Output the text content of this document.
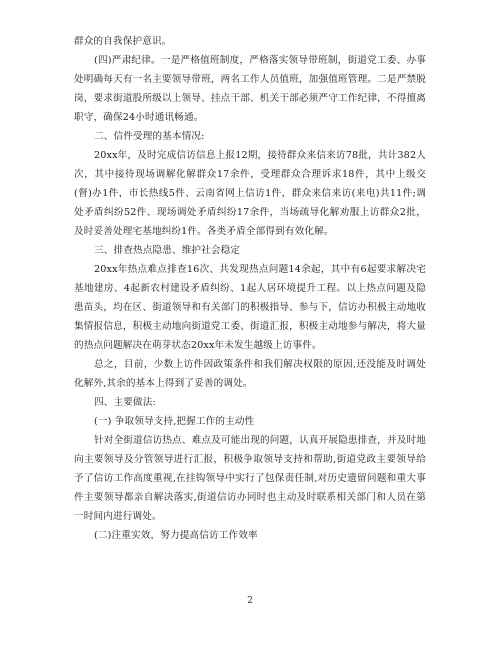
群众的自我保护意识。

(四)严肃纪律。一是严格值班制度，严格落实领导带班制，街道党工委、办事处明确每天有一名主要领导带班，两名工作人员值班，加强值班管理。二是严禁脱岗，要求街道股所级以上领导、挂点干部、机关干部必须严守工作纪律，不得擅离职守，确保24小时通讯畅通。

二、信件受理的基本情况:

20xx年，及时完成信访信息上报12期，接待群众来信来访78批，共计382人次，其中接待现场调解化解群众17余件，受理群众合理诉求18件，其中上级交(督)办1件，市长热线5件、云南省网上信访1件，群众来信来访(来电)共11件;调处矛盾纠纷52件、现场调处矛盾纠纷17余件，当场疏导化解劝服上访群众2批，及时妥善处理宅基地纠纷1件。各类矛盾全部得到有效化解。

三、排查热点隐患、维护社会稳定

20xx年热点难点排查16次、共发现热点问题14余起，其中有6起要求解决宅基地建房、4起新农村建设矛盾纠纷、1起人居环境提升工程。以上热点问题及隐患苗头，均在区、街道领导和有关部门的积极指导、参与下，信访办积极主动地收集情报信息，积极主动地向街道党工委、街道汇报，积极主动地参与解决，将大量的热点问题解决在萌芽状态20xx年未发生越级上访事件。

总之，目前，少数上访件因政策条件和我们解决权限的原因,还没能及时调处化解外,其余的基本上得到了妥善的调处。

四、主要做法:

(一) 争取领导支持,把握工作的主动性

针对全街道信访热点、难点及可能出现的问题，认真开展隐患排查，并及时地向主要领导及分管领导进行汇报，积极争取领导支持和帮助,街道党政主要领导给予了信访工作高度重视,在挂钩领导中实行了包保责任制,对历史遗留问题和重大事件主要领导都亲自解决落实,街道信访办同时也主动及时联系相关部门和人员在第一时间内进行调处。

(二)注重实效，努力提高信访工作效率

2
